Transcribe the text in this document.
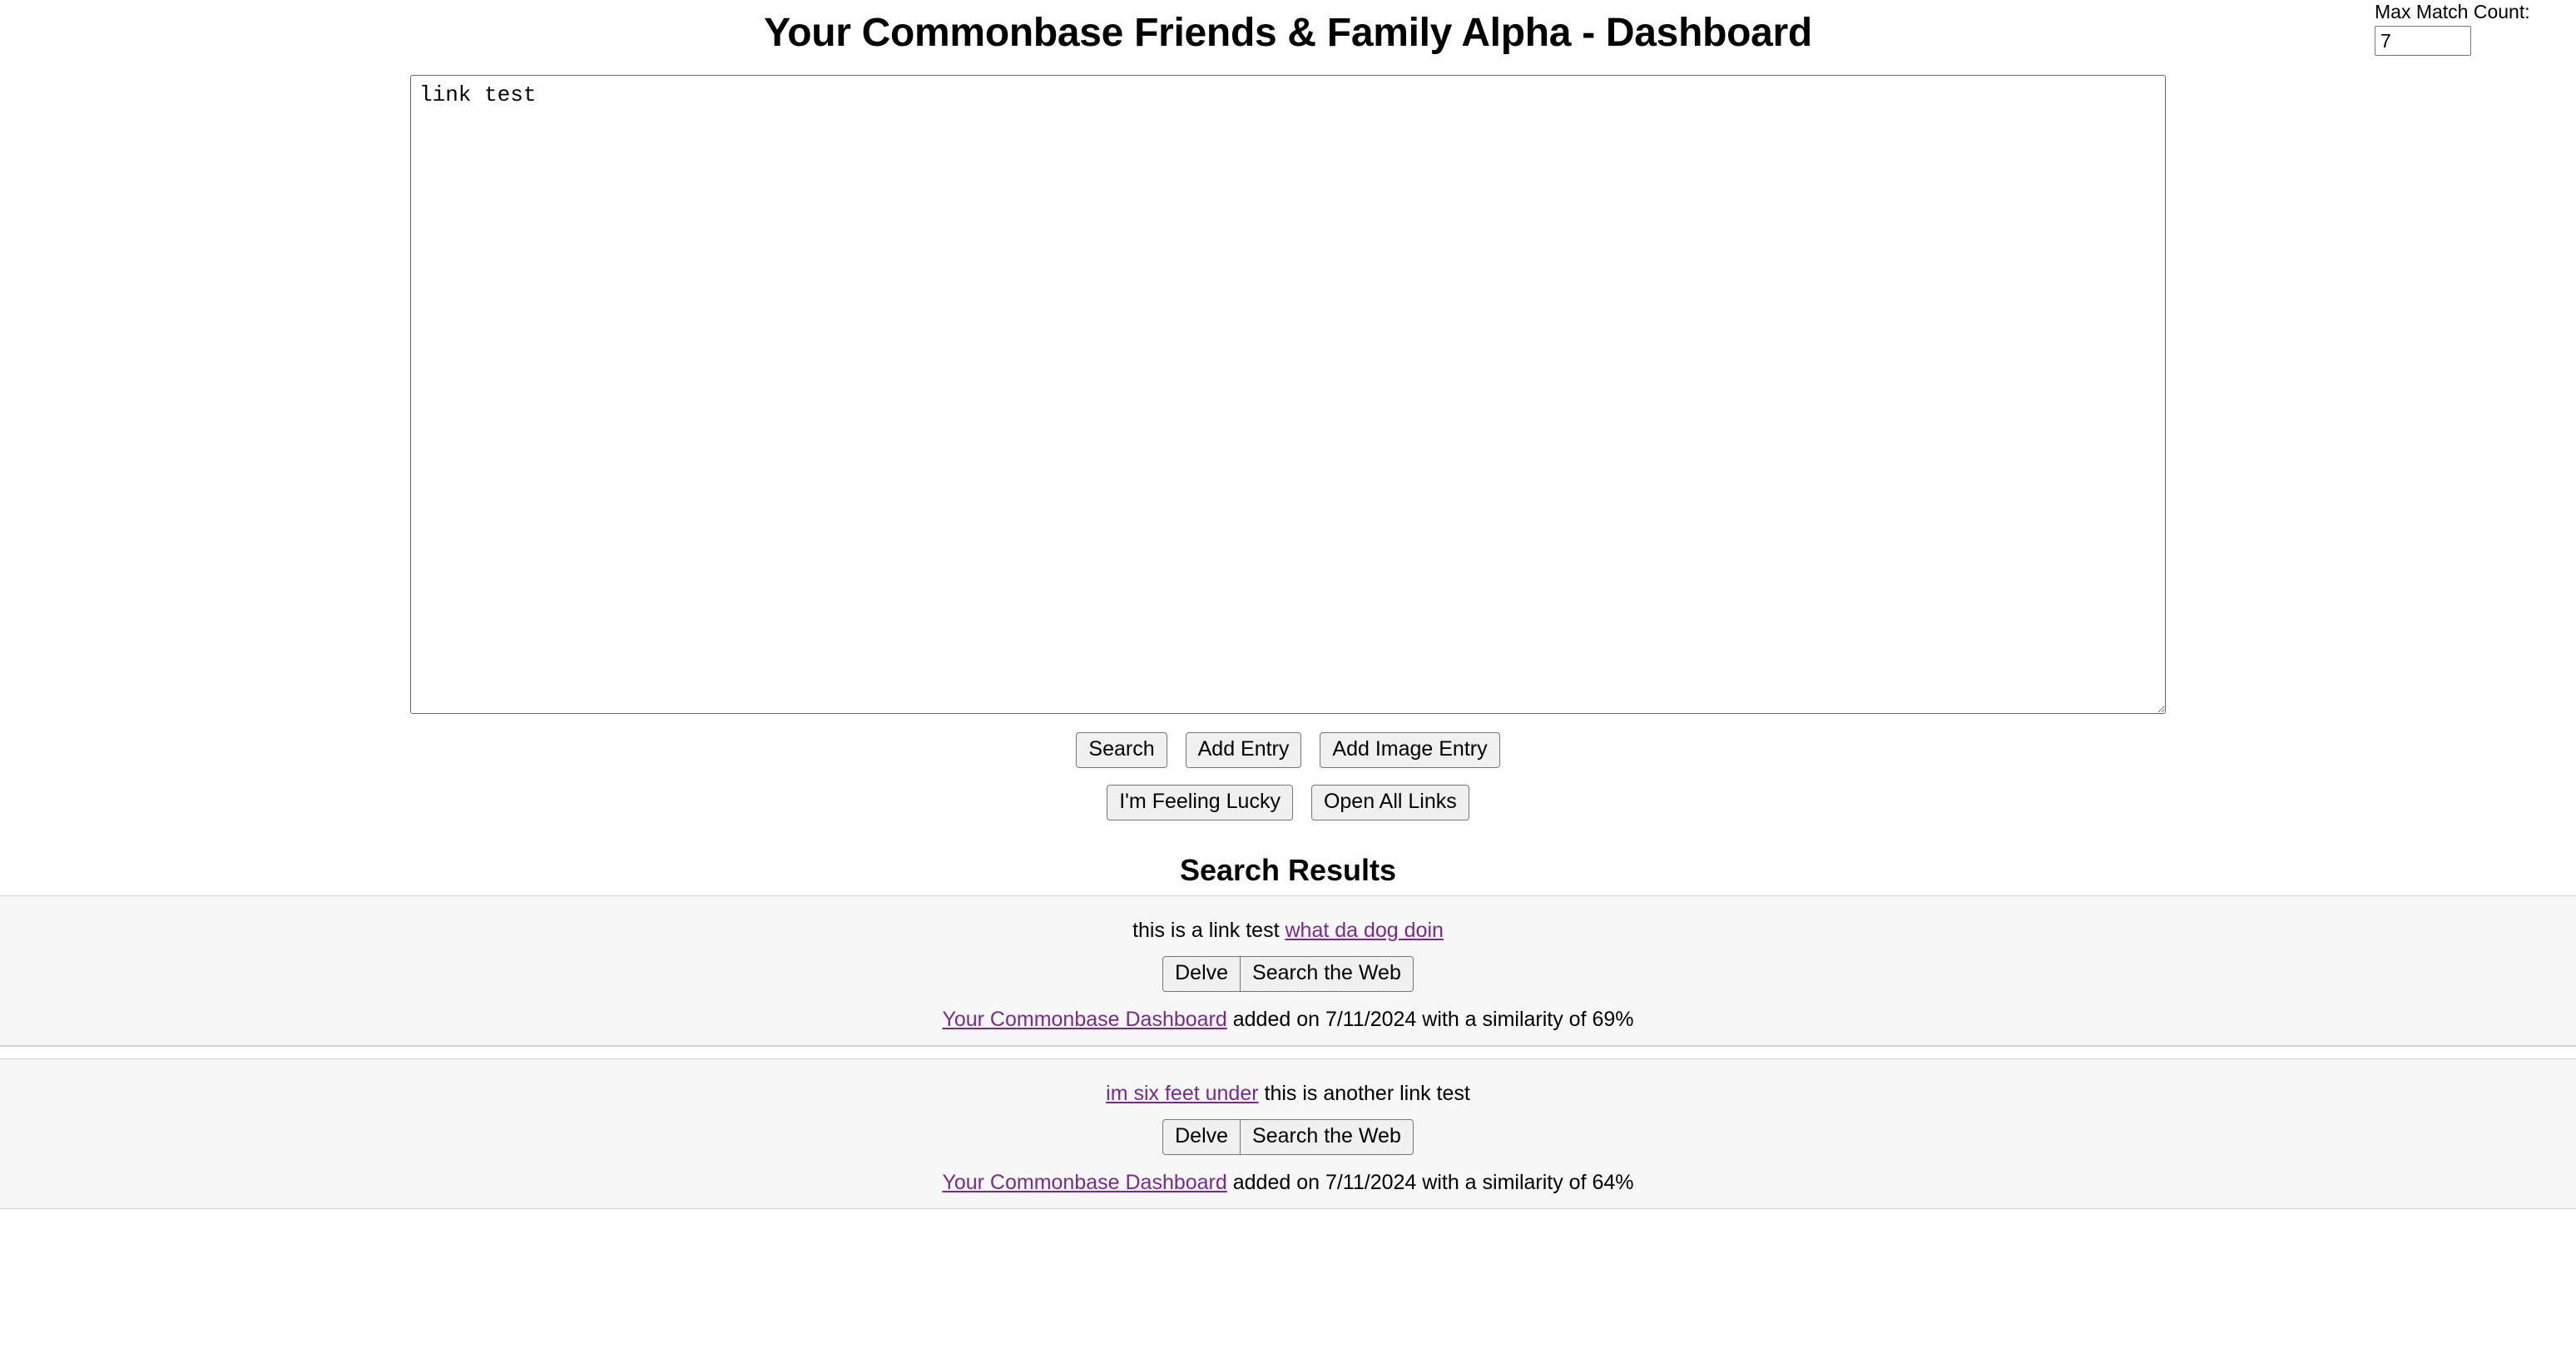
Max Match Count:
7
Your Commonbase Friends & Family Alpha - Dashboard
link test
Search	Add Entry	Add Image Entry
I'm Feeling Lucky	Open All Links
Search Results
this is a link test what da dog doin
Delve	Search the Web
Your Commonbase Dashboard added on 7/11/2024 with a similarity of 69%
im six feet under this is another link test
Delve	Search the Web
Your Commonbase Dashboard added on 7/11/2024 with a similarity of 64%
